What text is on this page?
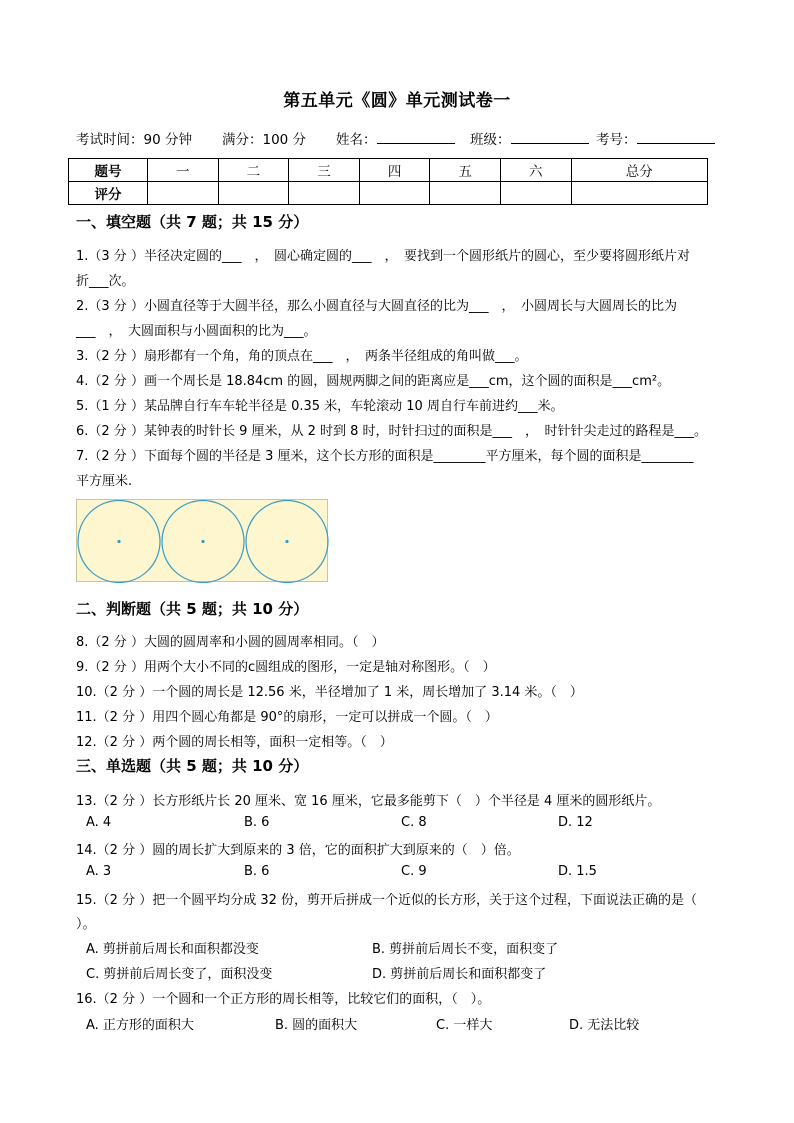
第五单元《圆》单元测试卷一
考试时间：90 分钟 满分：100 分 姓名：	班级：	考号：
题号	一	二	三	四	五	六	总分
评分							
一、填空题（共 7 题；共 15 分）
1.（3 分 ）半径决定圆的___　，　圆心确定圆的___　，　要找到一个圆形纸片的圆心，至少要将圆形纸片对
折___次。
2.（3 分 ）小圆直径等于大圆半径，那么小圆直径与大圆直径的比为___　，　小圆周长与大圆周长的比为
___　，　大圆面积与小圆面积的比为___。
3.（2 分 ）扇形都有一个角，角的顶点在___　，　两条半径组成的角叫做___。
4.（2 分 ）画一个周长是 18.84cm 的圆，圆规两脚之间的距离应是___cm，这个圆的面积是___cm²。
5.（1 分 ）某品牌自行车车轮半径是 0.35 米，车轮滚动 10 周自行车前进约___米。
6.（2 分 ）某钟表的时针长 9 厘米，从 2 时到 8 时，时针扫过的面积是___　，　时针针尖走过的路程是___。
7.（2 分 ）下面每个圆的半径是 3 厘米，这个长方形的面积是________平方厘米，每个圆的面积是________
平方厘米.
二、判断题（共 5 题；共 10 分）
8.（2 分 ）大圆的圆周率和小圆的圆周率相同。（　）
9.（2 分 ）用两个大小不同的c圆组成的图形，一定是轴对称图形。（　）
10.（2 分 ）一个圆的周长是 12.56 米，半径增加了 1 米，周长增加了 3.14 米。（　）
11.（2 分 ）用四个圆心角都是 90°的扇形，一定可以拼成一个圆。（　）
12.（2 分 ）两个圆的周长相等，面积一定相等。（　）
三、单选题（共 5 题；共 10 分）
13.（2 分 ）长方形纸片长 20 厘米、宽 16 厘米，它最多能剪下（　）个半径是 4 厘米的圆形纸片。
A. 4	B. 6	C. 8	D. 12
14.（2 分 ）圆的周长扩大到原来的 3 倍，它的面积扩大到原来的（　）倍。
A. 3	B. 6	C. 9	D. 1.5
15.（2 分 ）把一个圆平均分成 32 份，剪开后拼成一个近似的长方形，关于这个过程，下面说法正确的是（
）。
A. 剪拼前后周长和面积都没变	B. 剪拼前后周长不变，面积变了
C. 剪拼前后周长变了，面积没变	D. 剪拼前后周长和面积都变了
16.（2 分 ）一个圆和一个正方形的周长相等，比较它们的面积，（　）。
A. 正方形的面积大	B. 圆的面积大	C. 一样大	D. 无法比较
